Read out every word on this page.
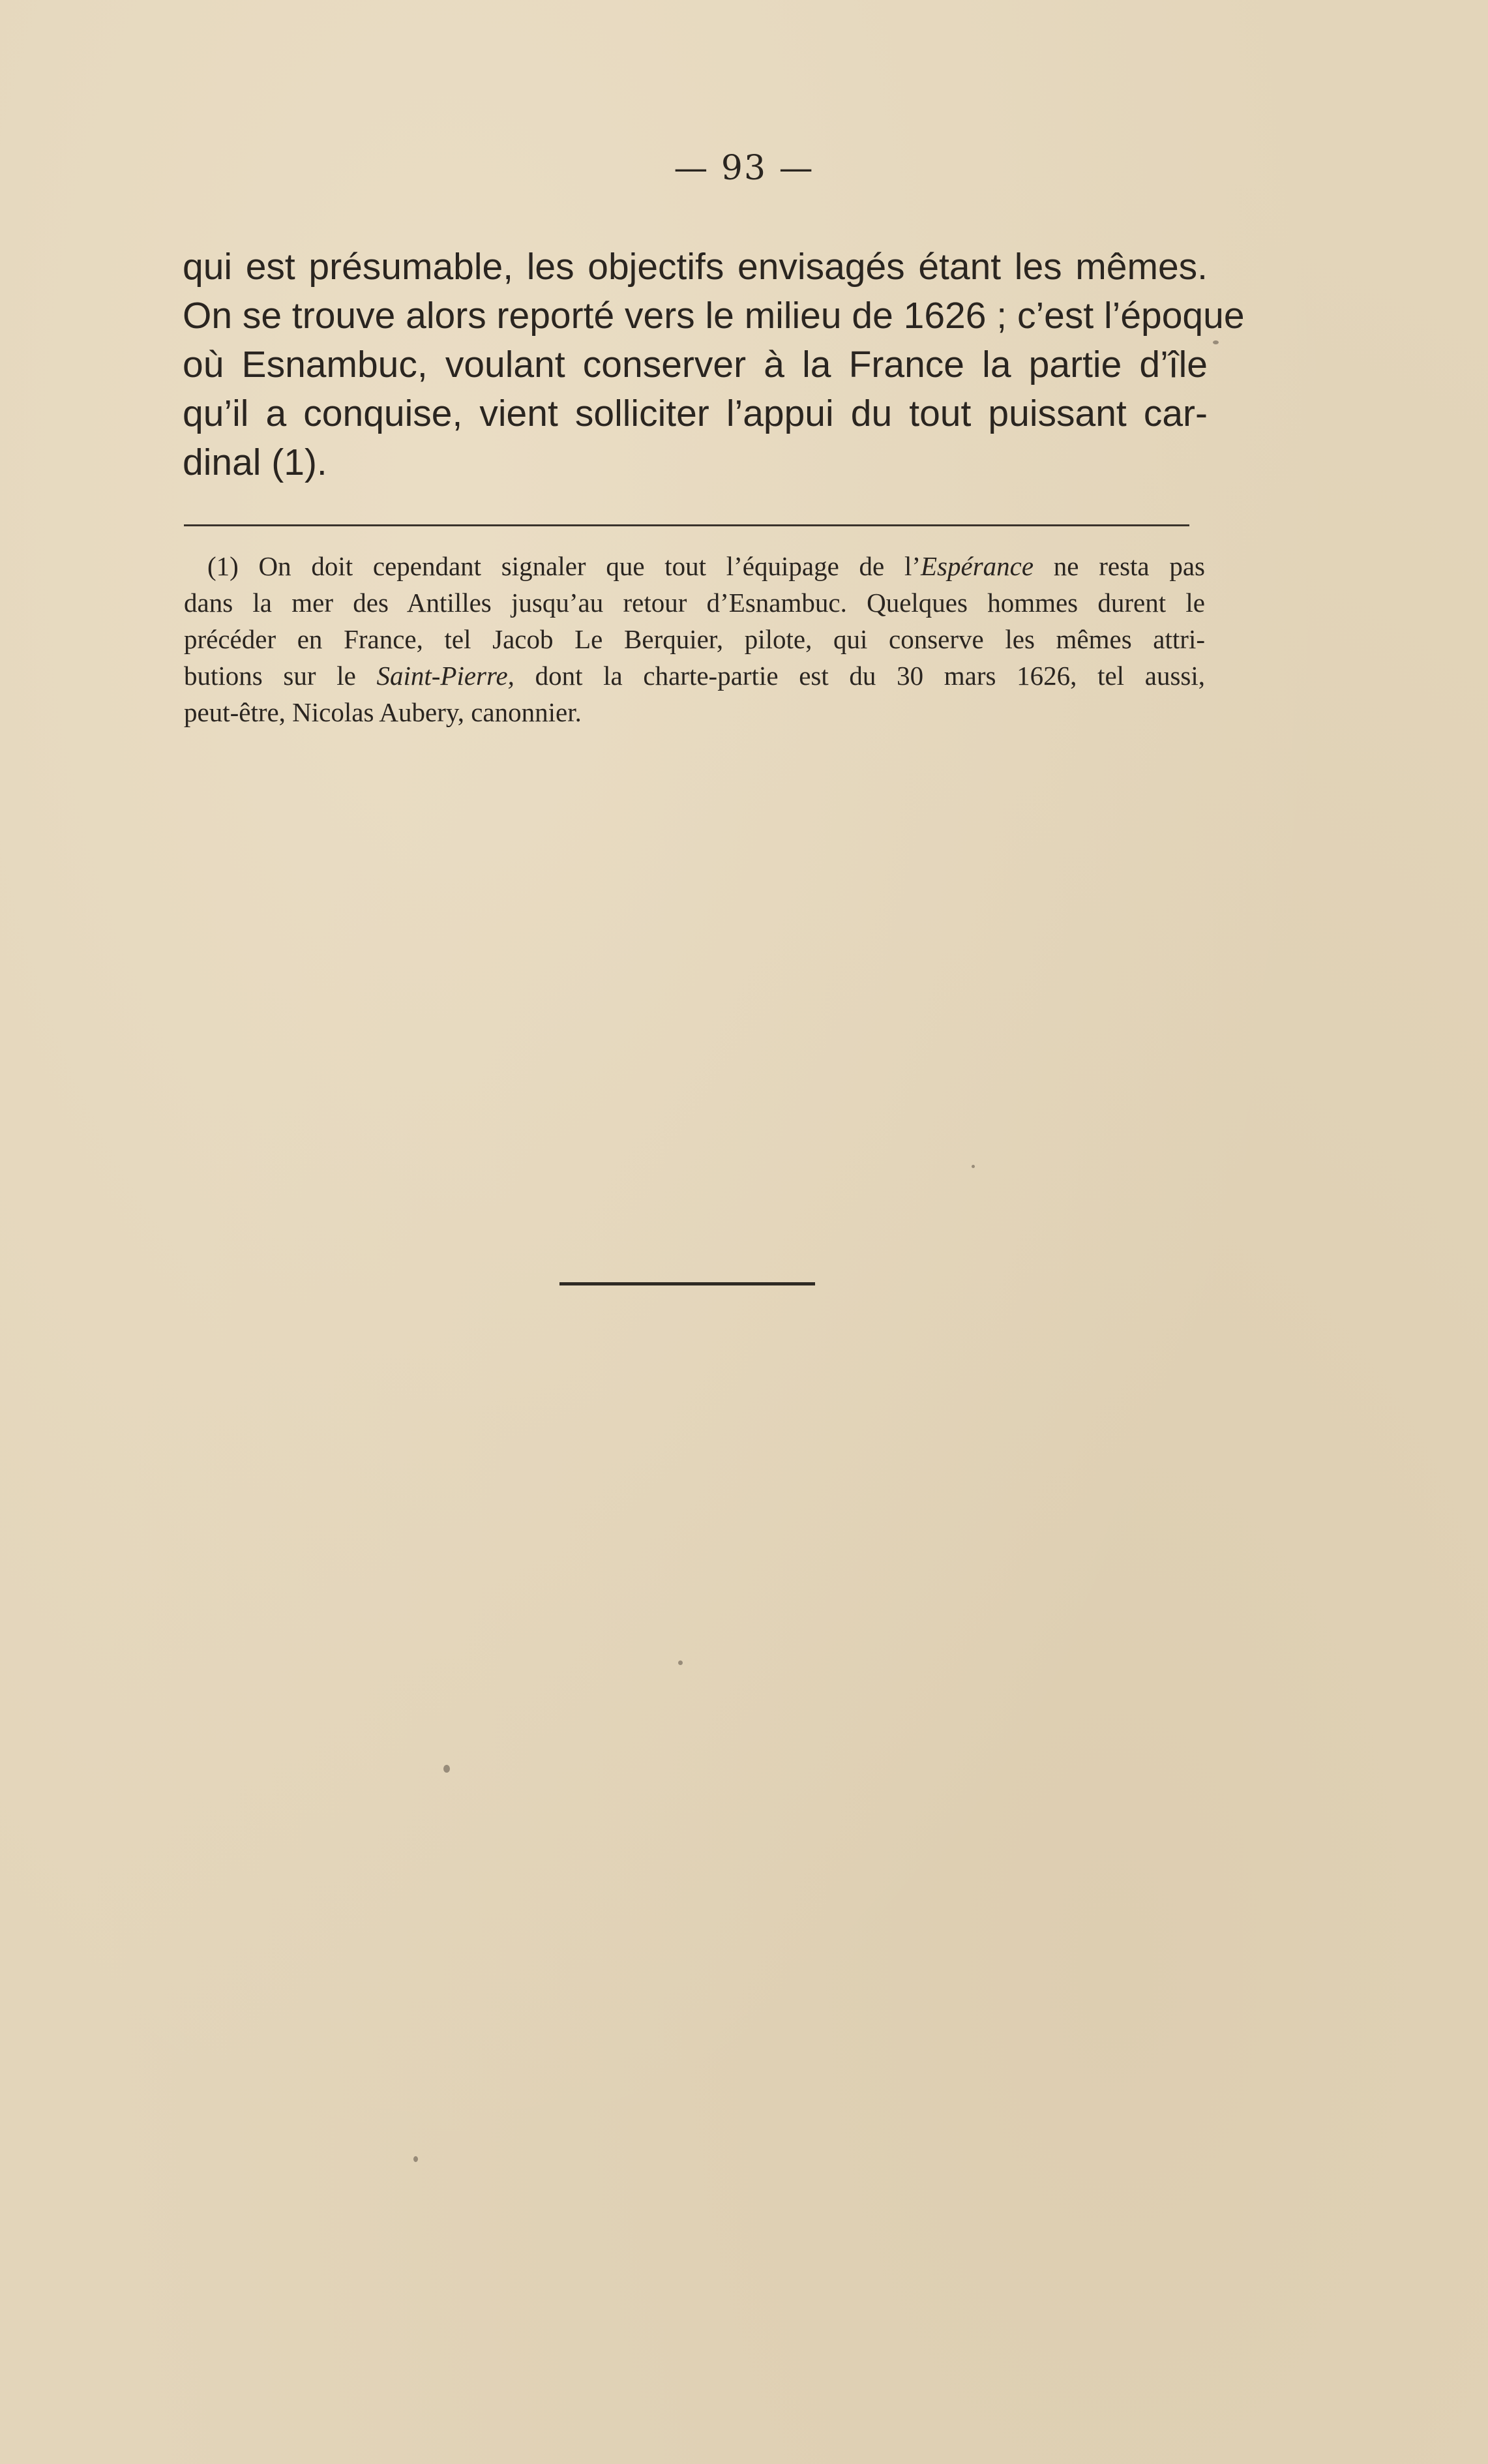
— 93 —
qui est présumable, les objectifs envisagés étant les mêmes.
On se trouve alors reporté vers le milieu de 1626 ; c’est l’époque
où Esnambuc, voulant conserver à la France la partie d’île
qu’il a conquise, vient solliciter l’appui du tout puissant car-
dinal (1).
(1) On doit cependant signaler que tout l’équipage de l’Espérance ne resta pas
dans la mer des Antilles jusqu’au retour d’Esnambuc. Quelques hommes durent le
précéder en France, tel Jacob Le Berquier, pilote, qui conserve les mêmes attri-
butions sur le Saint-Pierre, dont la charte-partie est du 30 mars 1626, tel aussi,
peut-être, Nicolas Aubery, canonnier.
